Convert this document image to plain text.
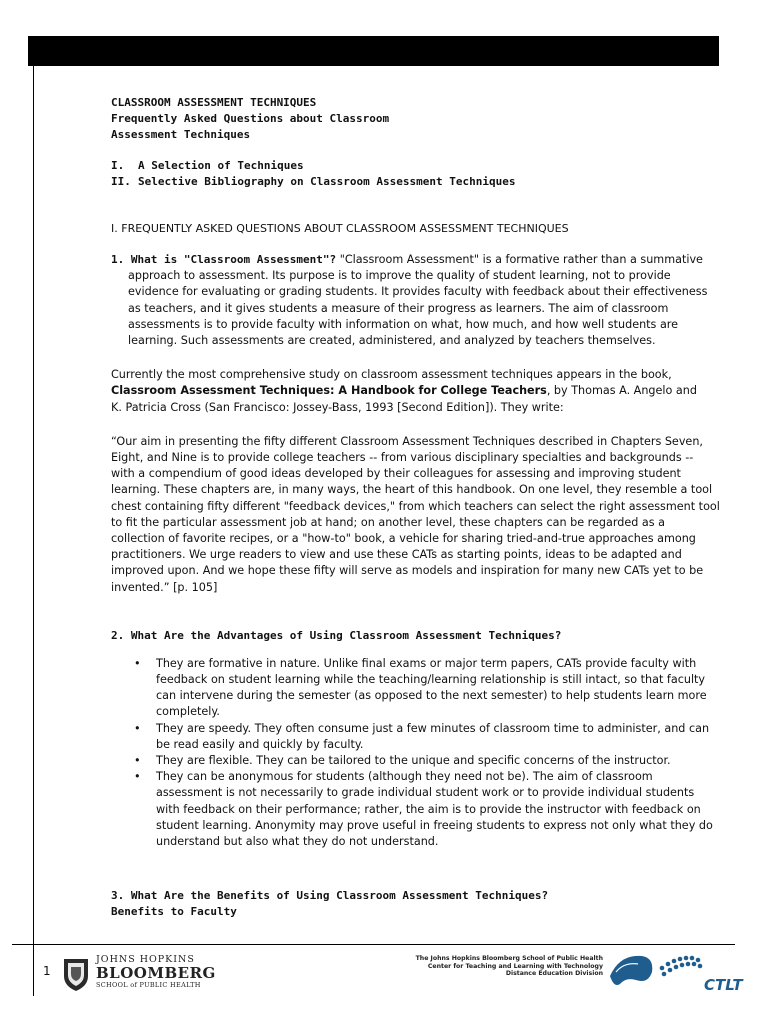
CLASSROOM ASSESSMENT TECHNIQUES

Frequently Asked Questions about Classroom

Assessment Techniques

I. A Selection of Techniques

II. Selective Bibliography on Classroom Assessment Techniques

I. FREQUENTLY ASKED QUESTIONS ABOUT CLASSROOM ASSESSMENT TECHNIQUES

1. What is "Classroom Assessment"? "Classroom Assessment" is a formative rather than a summative
approach to assessment. Its purpose is to improve the quality of student learning, not to provide
evidence for evaluating or grading students. It provides faculty with feedback about their effectiveness
as teachers, and it gives students a measure of their progress as learners. The aim of classroom
assessments is to provide faculty with information on what, how much, and how well students are
learning. Such assessments are created, administered, and analyzed by teachers themselves.

Currently the most comprehensive study on classroom assessment techniques appears in the book,

Classroom Assessment Techniques: A Handbook for College Teachers, by Thomas A. Angelo and

K. Patricia Cross (San Francisco: Jossey-Bass, 1993 [Second Edition]). They write:

“Our aim in presenting the fifty different Classroom Assessment Techniques described in Chapters Seven,

Eight, and Nine is to provide college teachers -- from various disciplinary specialties and backgrounds --

with a compendium of good ideas developed by their colleagues for assessing and improving student

learning. These chapters are, in many ways, the heart of this handbook. On one level, they resemble a tool

chest containing fifty different "feedback devices," from which teachers can select the right assessment tool

to fit the particular assessment job at hand; on another level, these chapters can be regarded as a

collection of favorite recipes, or a "how-to" book, a vehicle for sharing tried-and-true approaches among

practitioners. We urge readers to view and use these CATs as starting points, ideas to be adapted and

improved upon. And we hope these fifty will serve as models and inspiration for many new CATs yet to be

invented.” [p. 105]

2. What Are the Advantages of Using Classroom Assessment Techniques?

• They are formative in nature. Unlike final exams or major term papers, CATs provide faculty with
feedback on student learning while the teaching/learning relationship is still intact, so that faculty
can intervene during the semester (as opposed to the next semester) to help students learn more
completely.
• They are speedy. They often consume just a few minutes of classroom time to administer, and can
be read easily and quickly by faculty.
• They are flexible. They can be tailored to the unique and specific concerns of the instructor.
• They can be anonymous for students (although they need not be). The aim of classroom
assessment is not necessarily to grade individual student work or to provide individual students
with feedback on their performance; rather, the aim is to provide the instructor with feedback on
student learning. Anonymity may prove useful in freeing students to express not only what they do
understand but also what they do not understand.

3. What Are the Benefits of Using Classroom Assessment Techniques?

Benefits to Faculty

1
JOHNS HOPKINS
BLOOMBERG
SCHOOL of PUBLIC HEALTH
The Johns Hopkins Bloomberg School of Public Health
Center for Teaching and Learning with Technology
Distance Education Division
CTLT
